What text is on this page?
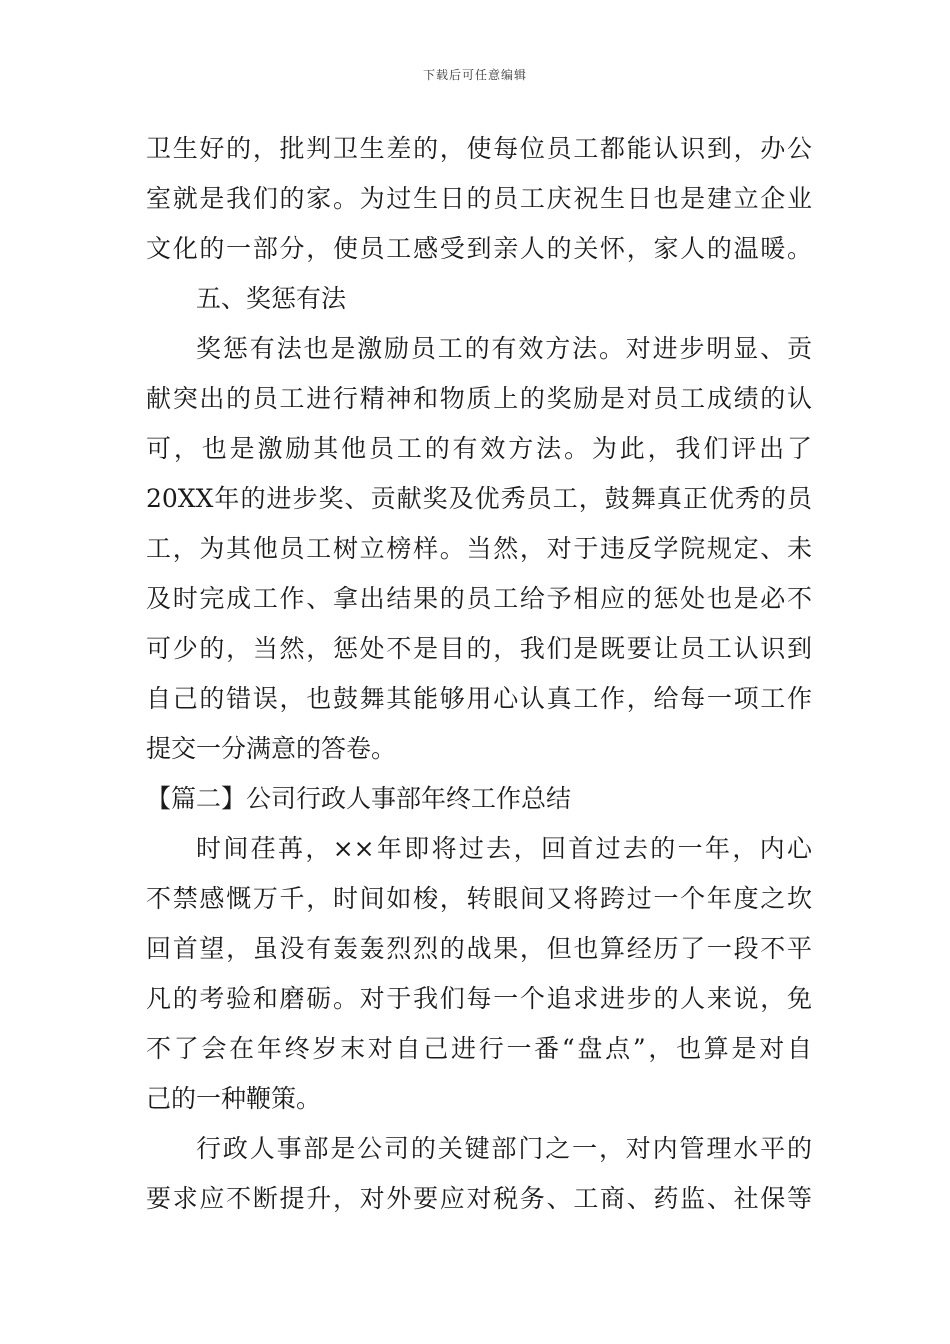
下载后可任意编辑
卫生好的，批判卫生差的，使每位员工都能认识到，办公
室就是我们的家。为过生日的员工庆祝生日也是建立企业
文化的一部分，使员工感受到亲人的关怀，家人的温暖。
五、奖惩有法
奖惩有法也是激励员工的有效方法。对进步明显、贡
献突出的员工进行精神和物质上的奖励是对员工成绩的认
可，也是激励其他员工的有效方法。为此，我们评出了
20XX年的进步奖、贡献奖及优秀员工，鼓舞真正优秀的员
工，为其他员工树立榜样。当然，对于违反学院规定、未
及时完成工作、拿出结果的员工给予相应的惩处也是必不
可少的，当然，惩处不是目的，我们是既要让员工认识到
自己的错误，也鼓舞其能够用心认真工作，给每一项工作
提交一分满意的答卷。
【篇二】公司行政人事部年终工作总结
时间荏苒，××年即将过去，回首过去的一年，内心
不禁感慨万千，时间如梭，转眼间又将跨过一个年度之坎
回首望，虽没有轰轰烈烈的战果，但也算经历了一段不平
凡的考验和磨砺。对于我们每一个追求进步的人来说，免
不了会在年终岁末对自己进行一番“盘点”，也算是对自
己的一种鞭策。
行政人事部是公司的关键部门之一，对内管理水平的
要求应不断提升，对外要应对税务、工商、药监、社保等
